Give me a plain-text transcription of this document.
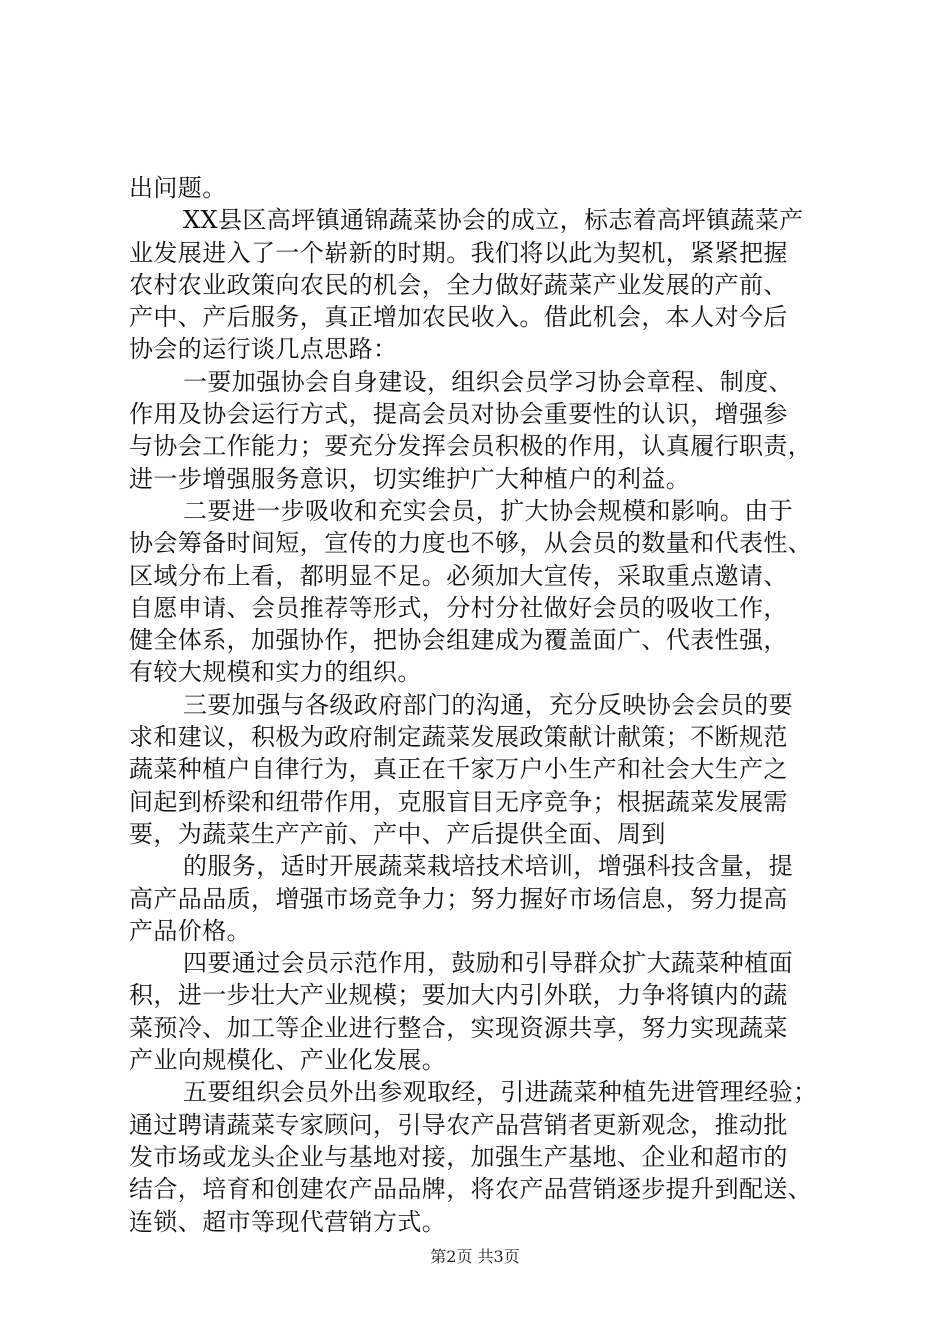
出问题。
XX县区高坪镇通锦蔬菜协会的成立，标志着高坪镇蔬菜产
业发展进入了一个崭新的时期。我们将以此为契机，紧紧把握
农村农业政策向农民的机会，全力做好蔬菜产业发展的产前、
产中、产后服务，真正增加农民收入。借此机会，本人对今后
协会的运行谈几点思路：
一要加强协会自身建设，组织会员学习协会章程、制度、
作用及协会运行方式，提高会员对协会重要性的认识，增强参
与协会工作能力；要充分发挥会员积极的作用，认真履行职责，
进一步增强服务意识，切实维护广大种植户的利益。
二要进一步吸收和充实会员，扩大协会规模和影响。由于
协会筹备时间短，宣传的力度也不够，从会员的数量和代表性、
区域分布上看，都明显不足。必须加大宣传，采取重点邀请、
自愿申请、会员推荐等形式，分村分社做好会员的吸收工作，
健全体系，加强协作，把协会组建成为覆盖面广、代表性强，
有较大规模和实力的组织。
三要加强与各级政府部门的沟通，充分反映协会会员的要
求和建议，积极为政府制定蔬菜发展政策献计献策；不断规范
蔬菜种植户自律行为，真正在千家万户小生产和社会大生产之
间起到桥梁和纽带作用，克服盲目无序竞争；根据蔬菜发展需
要，为蔬菜生产产前、产中、产后提供全面、周到
的服务，适时开展蔬菜栽培技术培训，增强科技含量，提
高产品品质，增强市场竞争力；努力握好市场信息，努力提高
产品价格。
四要通过会员示范作用，鼓励和引导群众扩大蔬菜种植面
积，进一步壮大产业规模；要加大内引外联，力争将镇内的蔬
菜预冷、加工等企业进行整合，实现资源共享，努力实现蔬菜
产业向规模化、产业化发展。
五要组织会员外出参观取经，引进蔬菜种植先进管理经验；
通过聘请蔬菜专家顾问，引导农产品营销者更新观念，推动批
发市场或龙头企业与基地对接，加强生产基地、企业和超市的
结合，培育和创建农产品品牌，将农产品营销逐步提升到配送、
连锁、超市等现代营销方式。
第2页 共3页
